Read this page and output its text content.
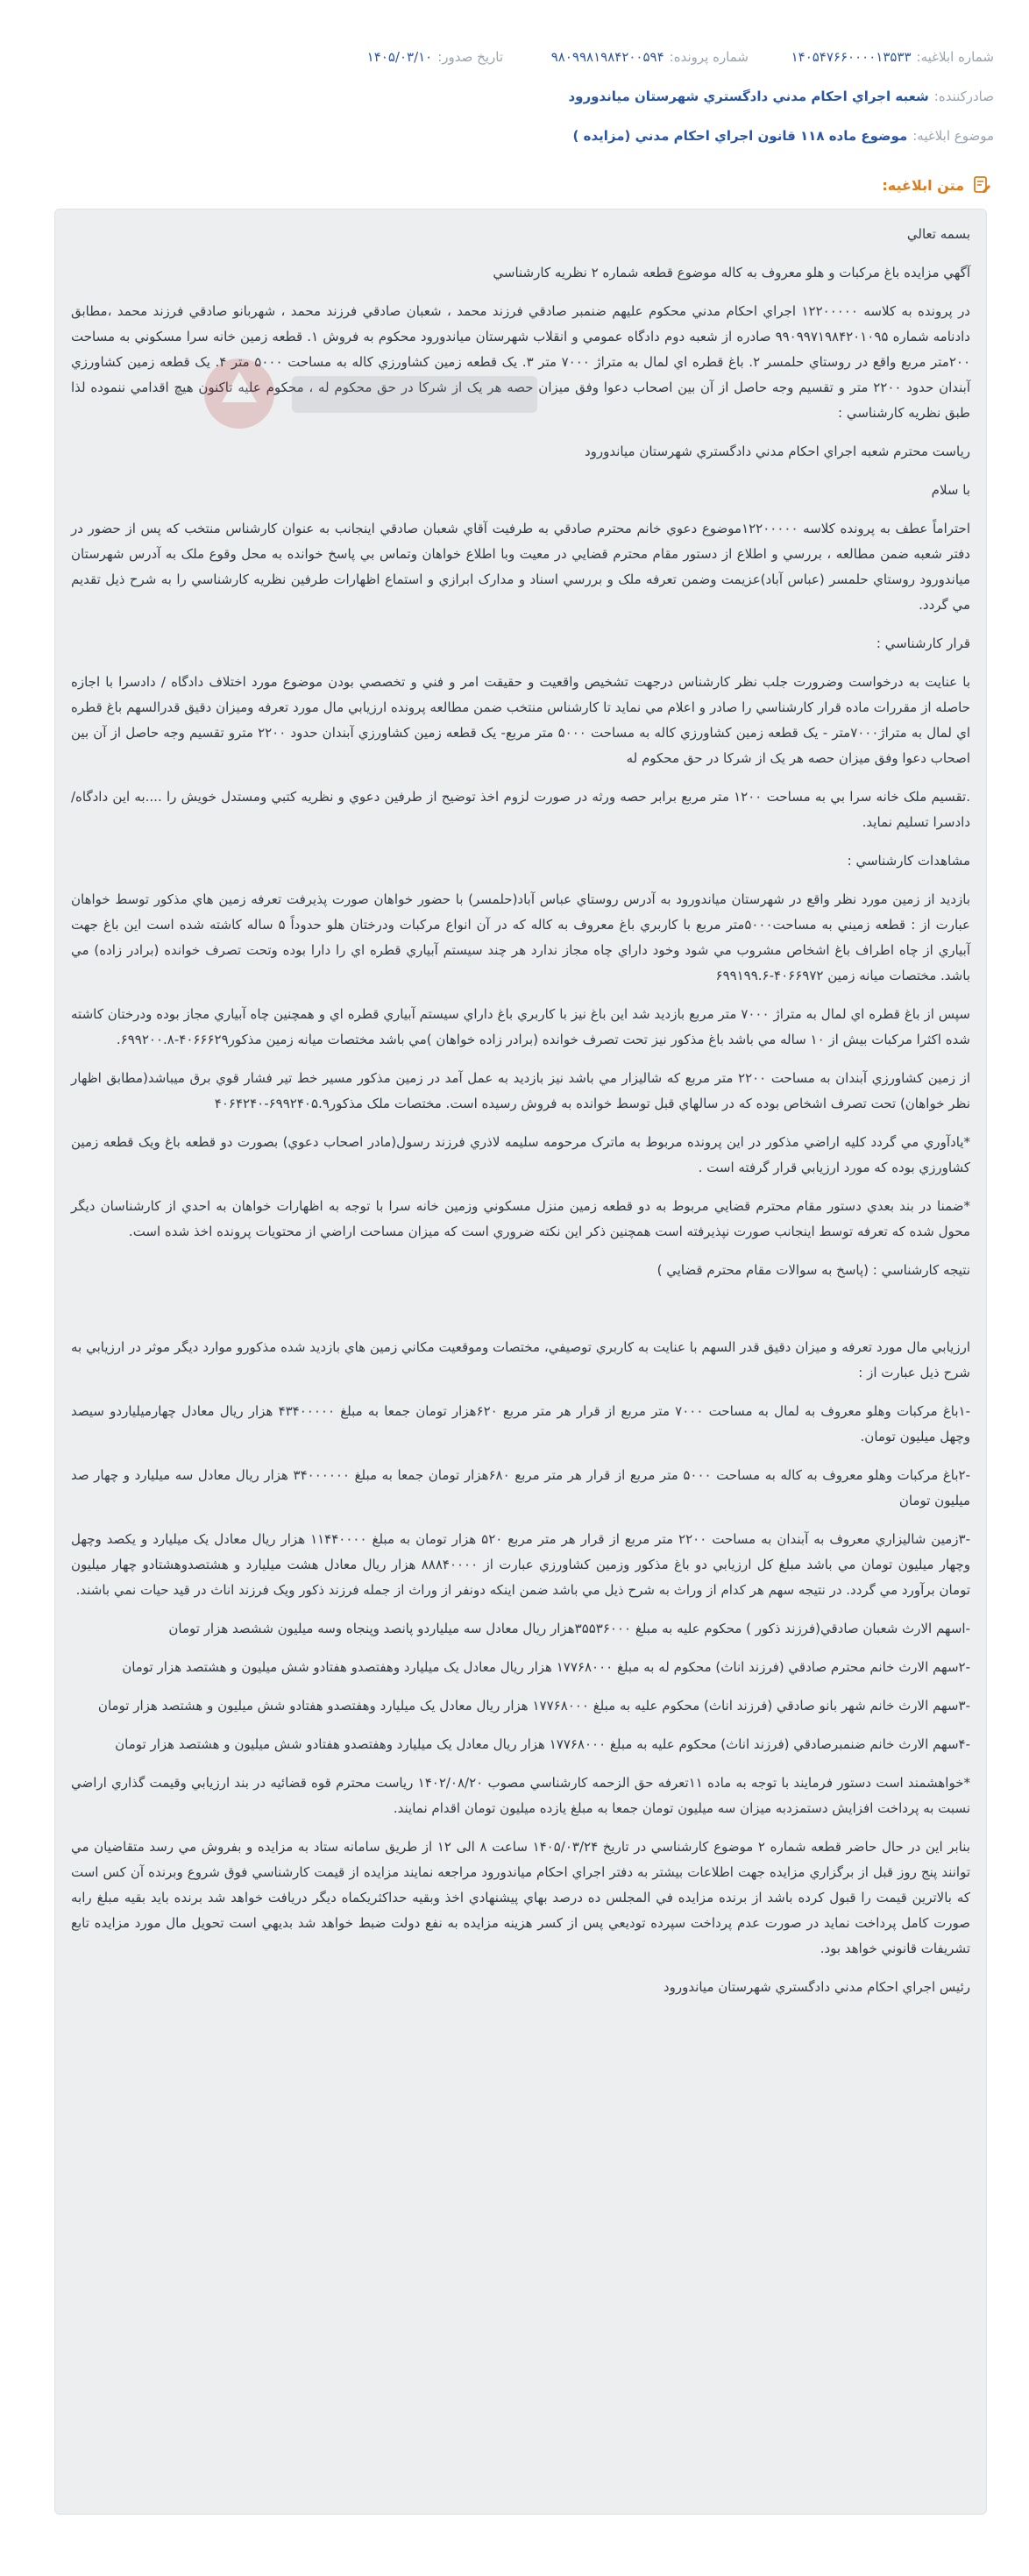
شماره ابلاغیه:
۱۴۰۵۴۷۶۶۰۰۰۰۱۳۵۳۳
شماره پرونده:
۹۸۰۹۹۸۱۹۸۴۲۰۰۵۹۴
تاریخ صدور:
۱۴۰۵/۰۳/۱۰
صادرکننده:
شعبه اجراي احكام مدني دادگستري شهرستان مياندورود
موضوع ابلاغیه:
موضوع ماده ۱۱۸ قانون اجراي احكام مدني (مزايده )
متن ابلاغیه:

بسمه تعالي

آگهي مزايده باغ مركبات و هلو معروف به كاله موضوع قطعه شماره ۲ نظريه كارشناسي

در پرونده به كلاسه ۱۲۲۰۰۰۰۰ اجراي احكام مدني محكوم عليهم ضنمبر صادقي فرزند محمد ، شعبان صادقي فرزند محمد ، شهربانو صادقي فرزند محمد ،مطابق دادنامه شماره ۹۹۰۹۹۷۱۹۸۴۲۰۱۰۹۵ صادره از شعبه دوم دادگاه عمومي و انقلاب شهرستان مياندورود محكوم به فروش ۱. قطعه زمين خانه سرا مسكوني به مساحت ۲۰۰متر مربع واقع در روستاي حلمسر ۲. باغ قطره اي لمال به متراژ ۷۰۰۰ متر ۳. يک قطعه زمين كشاورزي كاله به مساحت ۵۰۰۰ متر ۴. يک قطعه زمين كشاورزي آبندان حدود ۲۲۰۰ متر و تقسيم وجه حاصل از آن بين اصحاب دعوا وفق ميزان حصه هر يک از شركا در حق محكوم له ، محكوم عليه تاكنون هيچ اقدامي ننموده لذا طبق نظريه كارشناسي :

رياست محترم شعبه اجراي احكام مدني دادگستري شهرستان مياندورود

با سلام

احتراماً عطف به پرونده كلاسه ۱۲۲۰۰۰۰۰موضوع دعوي خانم محترم صادقي به طرفيت آقاي شعبان صادقي اينجانب به عنوان كارشناس منتخب كه پس از حضور در دفتر شعبه ضمن مطالعه ، بررسي و اطلاع از دستور مقام محترم قضايي در معيت وبا اطلاع خواهان وتماس بي پاسخ خوانده به محل وقوع ملک به آدرس شهرستان مياندورود روستاي حلمسر (عباس آباد)عزيمت وضمن تعرفه ملک و بررسي اسناد و مدارک ابرازي و استماع اظهارات طرفين نظريه كارشناسي را به شرح ذيل تقديم مي گردد.

قرار كارشناسي :

با عنايت به درخواست وضرورت جلب نظر كارشناس درجهت تشخيص واقعيت و حقيقت امر و فني و تخصصي بودن موضوع مورد اختلاف دادگاه / دادسرا با اجازه حاصله از مقررات ماده قرار كارشناسي را صادر و اعلام مي نمايد تا كارشناس منتخب ضمن مطالعه پرونده ارزيابي مال مورد تعرفه وميزان دقيق قدرالسهم باغ قطره اي لمال به متراژ۷۰۰۰متر - يک قطعه زمين كشاورزي كاله به مساحت ۵۰۰۰ متر مربع- يک قطعه زمين كشاورزي آبندان حدود ۲۲۰۰ مترو تقسيم وجه حاصل از آن بين اصحاب دعوا وفق ميزان حصه هر يک از شركا در حق محكوم له

.تقسيم ملک خانه سرا بي به مساحت ۱۲۰۰ متر مربع برابر حصه ورثه در صورت لزوم اخذ توضيح از طرفين دعوي و نظريه كتبي ومستدل خويش را ....به اين دادگاه/دادسرا تسليم نمايد.

مشاهدات كارشناسي :

بازديد از زمين مورد نظر واقع در شهرستان مياندورود به آدرس روستاي عباس آباد(حلمسر) با حضور خواهان صورت پذيرفت تعرفه زمين هاي مذكور توسط خواهان عبارت از : قطعه زميني به مساحت۵۰۰۰متر مربع با كاربري باغ معروف به كاله كه در آن انواع مركبات ودرختان هلو حدوداً ۵ ساله كاشته شده است اين باغ جهت آبياري از چاه اطراف باغ اشخاص مشروب مي شود وخود داراي چاه مجاز ندارد هر چند سيستم آبياري قطره اي را دارا بوده وتحت تصرف خوانده (برادر زاده) مي باشد. مختصات ميانه زمين ۴۰۶۶۹۷۲-۶۹۹۱۹۹.۶

سپس از باغ قطره اي لمال به متراژ ۷۰۰۰ متر مربع بازديد شد اين باغ نيز با كاربري باغ داراي سيستم آبياري قطره اي و همچنين چاه آبياري مجاز بوده ودرختان كاشته شده اكثرا مركبات بيش از ۱۰ ساله مي باشد باغ مذكور نيز تحت تصرف خوانده (برادر زاده خواهان )مي باشد مختصات ميانه زمين مذكور۴۰۶۶۶۲۹-۶۹۹۲۰۰.۸.

از زمين كشاورزي آبندان به مساحت ۲۲۰۰ متر مربع كه شاليزار مي باشد نيز بازديد به عمل آمد در زمين مذكور مسير خط تير فشار قوي برق ميباشد(مطابق اظهار نظر خواهان) تحت تصرف اشخاص بوده كه در سالهاي قبل توسط خوانده به فروش رسيده است. مختصات ملک مذكور۶۹۹۲۴۰۵.۹-۴۰۶۴۲۴۰

*يادآوري مي گردد كليه اراضي مذكور در اين پرونده مربوط به ماترک مرحومه سليمه لاذري فرزند رسول(مادر اصحاب دعوي) بصورت دو قطعه باغ ويک قطعه زمين كشاورزي بوده كه مورد ارزيابي قرار گرفته است .

*ضمنا در بند بعدي دستور مقام محترم قضايي مربوط به دو قطعه زمين منزل مسكوني وزمين خانه سرا با توجه به اظهارات خواهان به احدي از كارشناسان ديگر محول شده كه تعرفه توسط اينجانب صورت نپذيرفته است همچنين ذكر اين نكته ضروري است كه ميزان مساحت اراضي از محتويات پرونده اخذ شده است.

نتيجه كارشناسي : (پاسخ به سوالات مقام محترم قضايي )

ارزيابي مال مورد تعرفه و ميزان دقيق قدر السهم با عنايت به كاربري توصيفي، مختصات وموقعيت مكاني زمين هاي بازديد شده مذكورو موارد ديگر موثر در ارزيابي به شرح ذيل عبارت از :

-۱باغ مركبات وهلو معروف به لمال به مساحت ۷۰۰۰ متر مربع از قرار هر متر مربع ۶۲۰هزار تومان جمعا به مبلغ ۴۳۴۰۰۰۰۰ هزار ريال معادل چهارميلياردو سيصد وچهل ميليون تومان.

-۲باغ مركبات وهلو معروف به كاله به مساحت ۵۰۰۰ متر مربع از قرار هر متر مربع ۶۸۰هزار تومان جمعا به مبلغ ۳۴۰۰۰۰۰۰ هزار ريال معادل سه ميليارد و چهار صد ميليون تومان

-۳زمين شاليزاري معروف به آبندان به مساحت ۲۲۰۰ متر مربع از قرار هر متر مربع ۵۲۰ هزار تومان به مبلغ ۱۱۴۴۰۰۰۰ هزار ريال معادل يک ميليارد و يكصد وچهل وچهار ميليون تومان مي باشد مبلغ كل ارزيابي دو باغ مذكور وزمين كشاورزي عبارت از ۸۸۸۴۰۰۰۰ هزار ريال معادل هشت ميليارد و هشتصدوهشتادو چهار ميليون تومان برآورد مي گردد. در نتيجه سهم هر كدام از وراث به شرح ذيل مي باشد ضمن اينكه دونفر از وراث از جمله فرزند ذكور ويک فرزند اناث در قيد حيات نمي باشند.

-اسهم الارث شعبان صادقي(فرزند ذكور ) محكوم عليه به مبلغ ۳۵۵۳۶۰۰۰هزار ريال معادل سه ميلياردو پانصد وپنجاه وسه ميليون ششصد هزار تومان

-۲سهم الارث خانم محترم صادقي (فرزند اناث) محكوم له به مبلغ ۱۷۷۶۸۰۰۰ هزار ريال معادل يک ميليارد وهفتصدو هفتادو شش ميليون و هشتصد هزار تومان

-۳سهم الارث خانم شهر بانو صادقي (فرزند اناث) محكوم عليه به مبلغ ۱۷۷۶۸۰۰۰ هزار ريال معادل يک ميليارد وهفتصدو هفتادو شش ميليون و هشتصد هزار تومان

-۴سهم الارث خانم ضنمبرصادقي (فرزند اناث) محكوم عليه به مبلغ ۱۷۷۶۸۰۰۰ هزار ريال معادل يک ميليارد وهفتصدو هفتادو شش ميليون و هشتصد هزار تومان

*خواهشمند است دستور فرمايند با توجه به ماده ۱۱تعرفه حق الزحمه كارشناسي مصوب ۱۴۰۲/۰۸/۲۰ رياست محترم قوه قضائيه در بند ارزيابي وقيمت گذاري اراضي نسبت به پرداخت افزايش دستمزدبه ميزان سه ميليون تومان جمعا به مبلغ يازده ميليون تومان اقدام نمايند.

بنابر اين در حال حاضر قطعه شماره ۲ موضوع كارشناسي در تاريخ ۱۴۰۵/۰۳/۲۴ ساعت ۸ الی ۱۲ از طريق سامانه ستاد به مزايده و بفروش مي رسد متقاضيان مي توانند پنج روز قبل از برگزاري مزايده جهت اطلاعات بيشتر به دفتر اجراي احكام مياندورود مراجعه نمايند مزايده از قيمت كارشناسي فوق شروع وبرنده آن كس است كه بالاترين قيمت را قبول كرده باشد از برنده مزايده في المجلس ده درصد بهاي پيشنهادي اخذ وبقيه حداكثريكماه ديگر دريافت خواهد شد برنده بايد بقيه مبلغ رابه صورت كامل پرداخت نمايد در صورت عدم پرداخت سپرده توديعي پس از كسر هزينه مزايده به نفع دولت ضبط خواهد شد بديهي است تحويل مال مورد مزايده تابع تشريفات قانوني خواهد بود.

رئيس اجراي احكام مدني دادگستري شهرستان مياندورود
